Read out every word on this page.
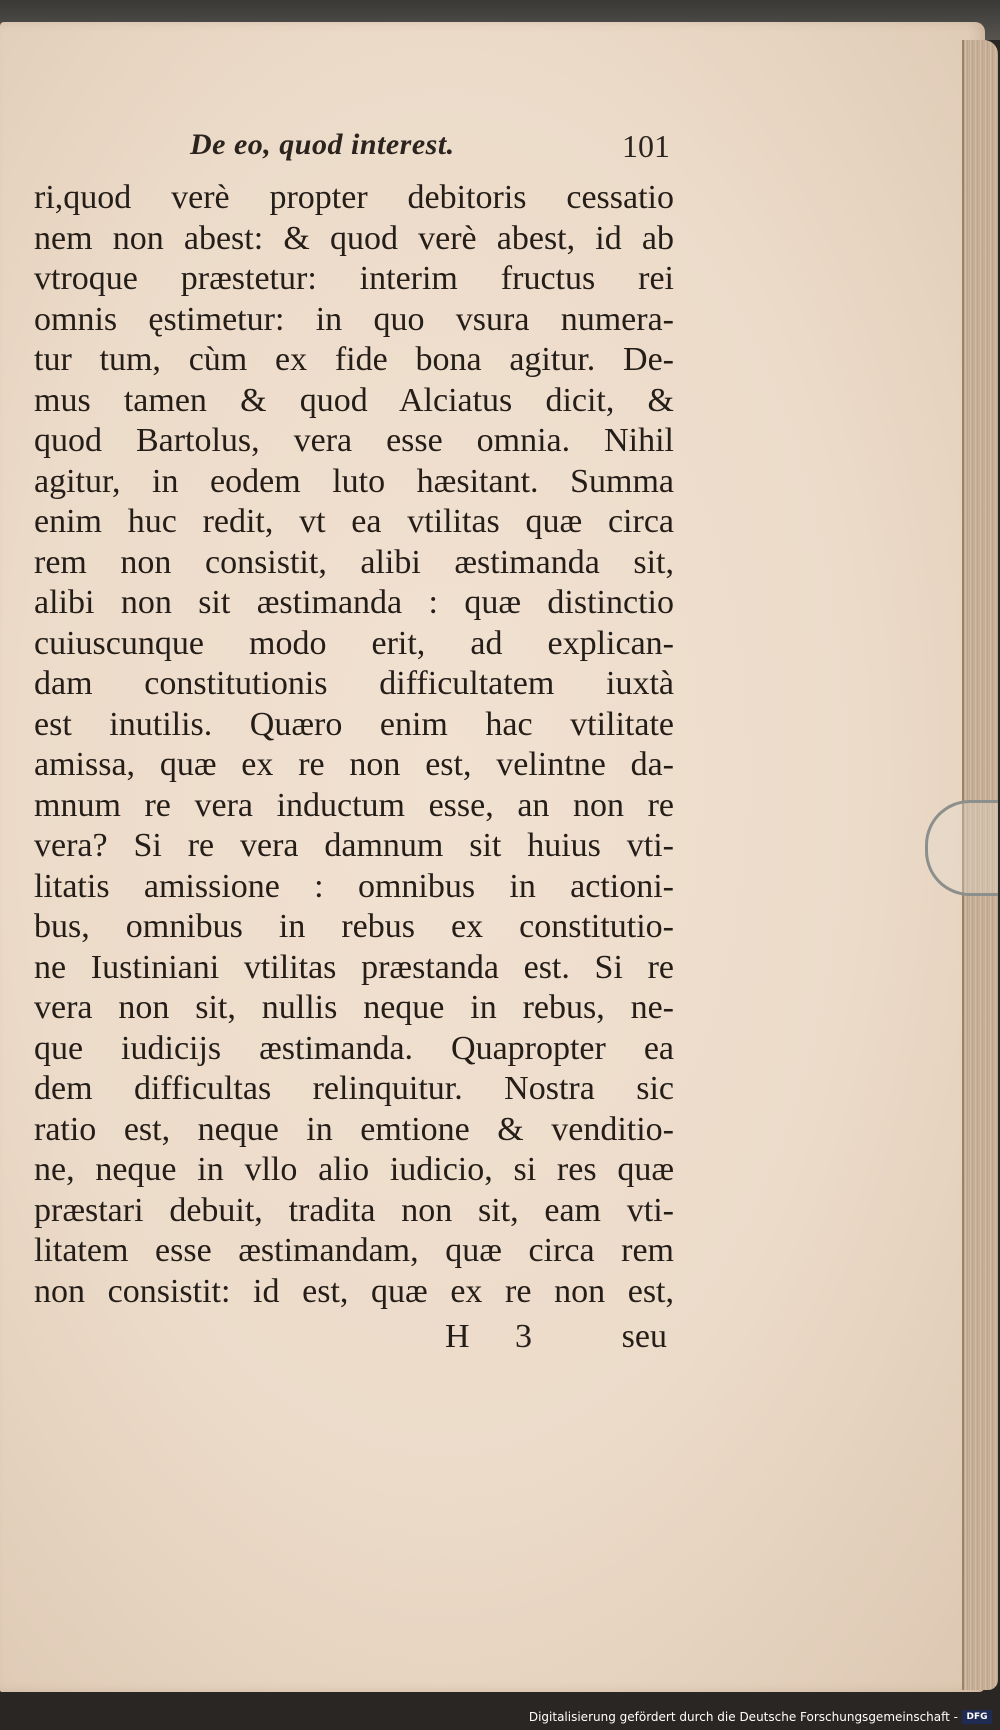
De eo, quod interest.	101
ri,quod verè propter debitoris cessatio
nem non abest: & quod verè abest, id ab
vtroque præstetur: interim fructus rei
omnis ęstimetur: in quo vsura numera-
tur tum, cùm ex fide bona agitur. De-
mus tamen & quod Alciatus dicit, &
quod Bartolus, vera esse omnia. Nihil
agitur, in eodem luto hæsitant. Summa
enim huc redit, vt ea vtilitas quæ circa
rem non consistit, alibi æstimanda sit,
alibi non sit æstimanda : quæ distinctio
cuiuscunque modo erit, ad explican-
dam constitutionis difficultatem iuxtà
est inutilis. Quæro enim hac vtilitate
amissa, quæ ex re non est, velintne da-
mnum re vera inductum esse, an non re
vera? Si re vera damnum sit huius vti-
litatis amissione : omnibus in actioni-
bus, omnibus in rebus ex constitutio-
ne Iustiniani vtilitas præstanda est. Si re
vera non sit, nullis neque in rebus, ne-
que iudicijs æstimanda. Quapropter ea
dem difficultas relinquitur. Nostra sic
ratio est, neque in emtione & venditio-
ne, neque in vllo alio iudicio, si res quæ
præstari debuit, tradita non sit, eam vti-
litatem esse æstimandam, quæ circa rem
non consistit: id est, quæ ex re non est,
H 3	seu
Digitalisierung gefördert durch die Deutsche Forschungsgemeinschaft - DFG
